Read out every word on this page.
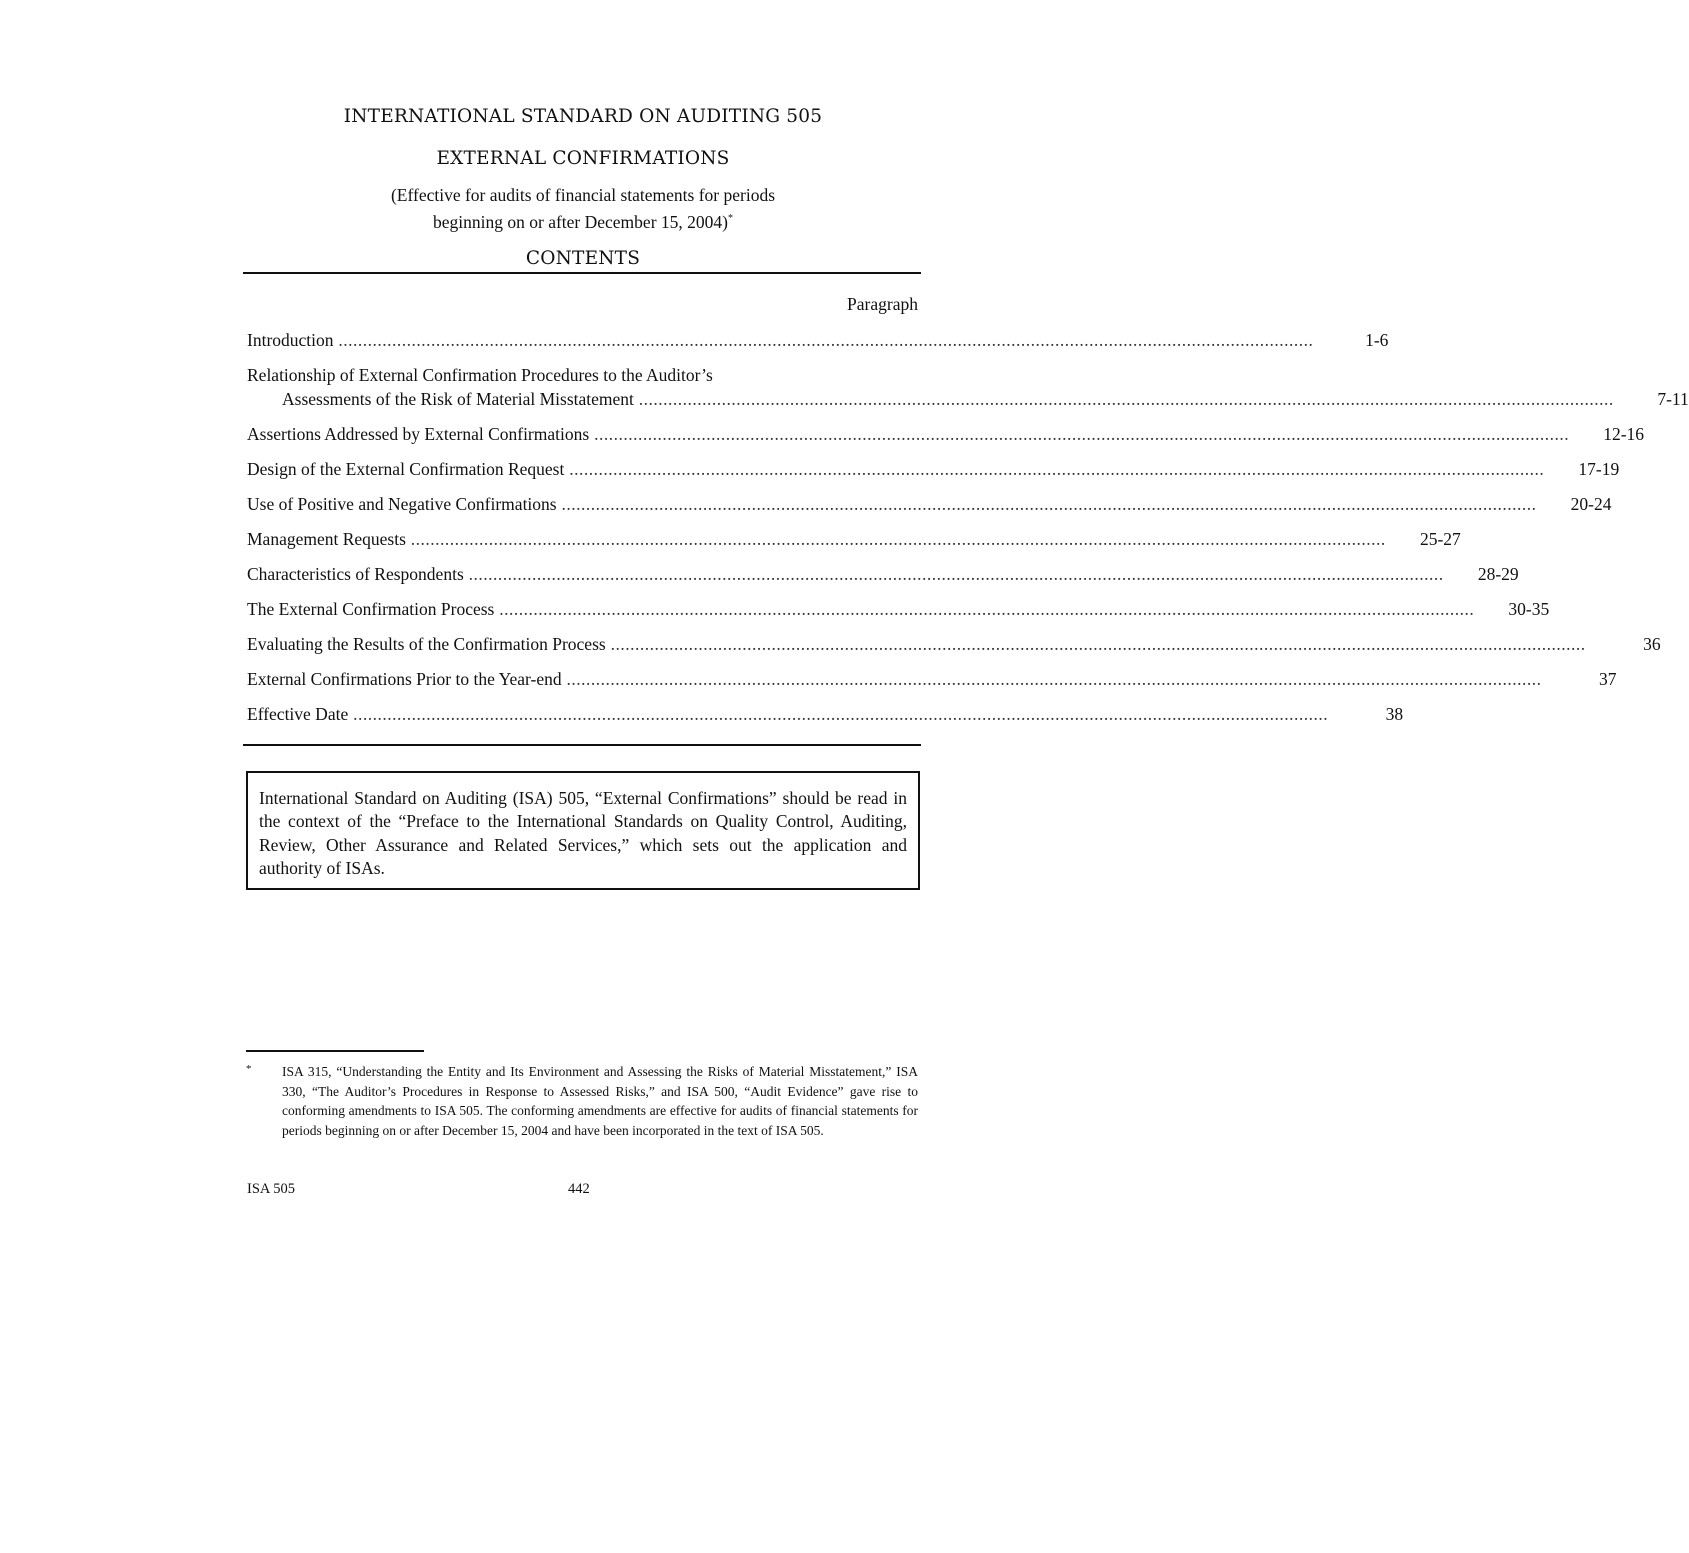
INTERNATIONAL STANDARD ON AUDITING 505
EXTERNAL CONFIRMATIONS
(Effective for audits of financial statements for periods
beginning on or after December 15, 2004)*
CONTENTS
Paragraph
Introduction ........................................................................................................................................................................................................	1-6
Relationship of External Confirmation Procedures to the Auditor’s
Assessments of the Risk of Material Misstatement ........................................................................................................................................................................................................	7-11
Assertions Addressed by External Confirmations ........................................................................................................................................................................................................	12-16
Design of the External Confirmation Request ........................................................................................................................................................................................................	17-19
Use of Positive and Negative Confirmations ........................................................................................................................................................................................................	20-24
Management Requests ........................................................................................................................................................................................................	25-27
Characteristics of Respondents ........................................................................................................................................................................................................	28-29
The External Confirmation Process ........................................................................................................................................................................................................	30-35
Evaluating the Results of the Confirmation Process ........................................................................................................................................................................................................	36
External Confirmations Prior to the Year-end ........................................................................................................................................................................................................	37
Effective Date ........................................................................................................................................................................................................	38
International Standard on Auditing (ISA) 505, “External Confirmations” should be read in the context of the “Preface to the International Standards on Quality Control, Auditing, Review, Other Assurance and Related Services,” which sets out the application and authority of ISAs.
*	ISA 315, “Understanding the Entity and Its Environment and Assessing the Risks of Material Misstatement,” ISA 330, “The Auditor’s Procedures in Response to Assessed Risks,” and ISA 500, “Audit Evidence” gave rise to conforming amendments to ISA 505. The conforming amendments are effective for audits of financial statements for periods beginning on or after December 15, 2004 and have been incorporated in the text of ISA 505.
ISA 505	442
